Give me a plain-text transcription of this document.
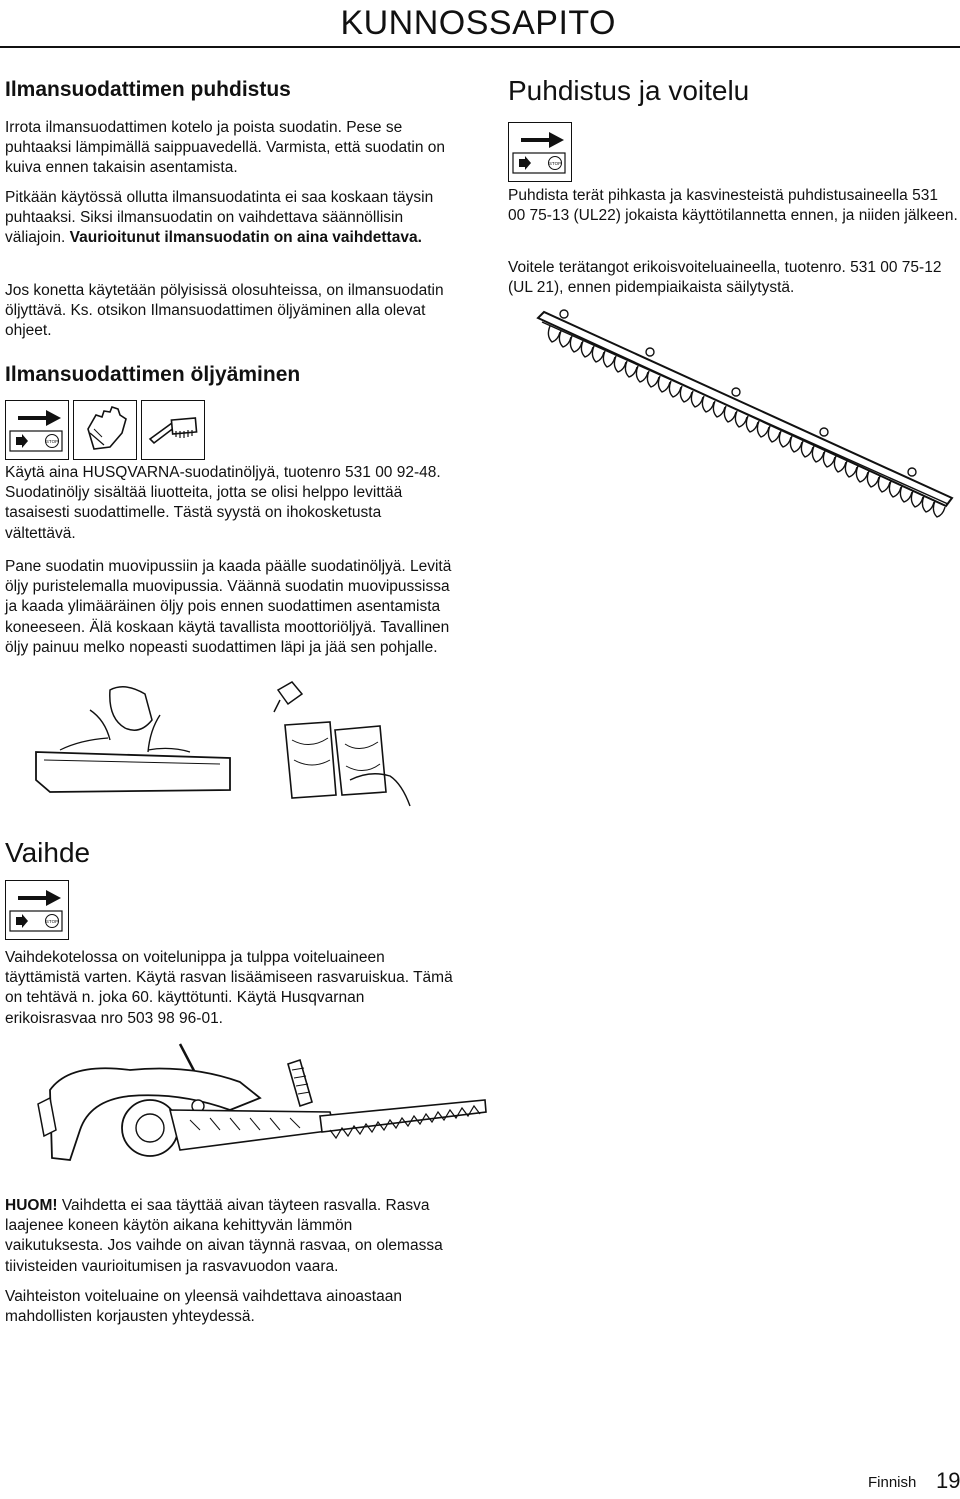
KUNNOSSAPITO
Ilmansuodattimen puhdistus

Irrota ilmansuodattimen kotelo ja poista suodatin. Pese se puhtaaksi lämpimällä saippuavedellä. Varmista, että suodatin on kuiva ennen takaisin asentamista.

Pitkään käytössä ollutta ilmansuodatinta ei saa koskaan täysin puhtaaksi. Siksi ilmansuodatin on vaihdettava säännöllisin väliajoin. Vaurioitunut ilmansuodatin on aina vaihdettava.

Jos konetta käytetään pölyisissä olosuhteissa, on ilmansuodatin öljyttävä. Ks. otsikon Ilmansuodattimen öljyäminen alla olevat ohjeet.

Ilmansuodattimen öljyäminen
STOP

Käytä aina HUSQVARNA-suodatinöljyä, tuotenro 531 00 92-48. Suodatinöljy sisältää liuotteita, jotta se olisi helppo levittää tasaisesti suodattimelle. Tästä syystä on ihokosketusta vältettävä.

Pane suodatin muovipussiin ja kaada päälle suodatinöljyä. Levitä öljy puristelemalla muovipussia. Väännä suodatin muovipussissa ja kaada ylimääräinen öljy pois ennen suodattimen asentamista koneeseen. Älä koskaan käytä tavallista moottoriöljyä. Tavallinen öljy painuu melko nopeasti suodattimen läpi ja jää sen pohjalle.

Vaihde
STOP

Vaihdekotelossa on voitelunippa ja tulppa voiteluaineen täyttämistä varten. Käytä rasvan lisäämiseen rasvaruiskua. Tämä on tehtävä n. joka 60. käyttötunti. Käytä Husqvarnan erikoisrasvaa nro 503 98 96-01.

HUOM! Vaihdetta ei saa täyttää aivan täyteen rasvalla. Rasva laajenee koneen käytön aikana kehittyvän lämmön vaikutuksesta. Jos vaihde on aivan täynnä rasvaa, on olemassa tiivisteiden vaurioitumisen ja rasvavuodon vaara.

Vaihteiston voiteluaine on yleensä vaihdettava ainoastaan mahdollisten korjausten yhteydessä.

Puhdistus ja voitelu
STOP

Puhdista terät pihkasta ja kasvinesteistä puhdistusaineella 531 00 75-13 (UL22) jokaista käyttötilannetta ennen, ja niiden jälkeen.

Voitele terätangot erikoisvoiteluaineella, tuotenro. 531 00 75-12 (UL 21), ennen pidempiaikaista säilytystä.

Finnish 19
